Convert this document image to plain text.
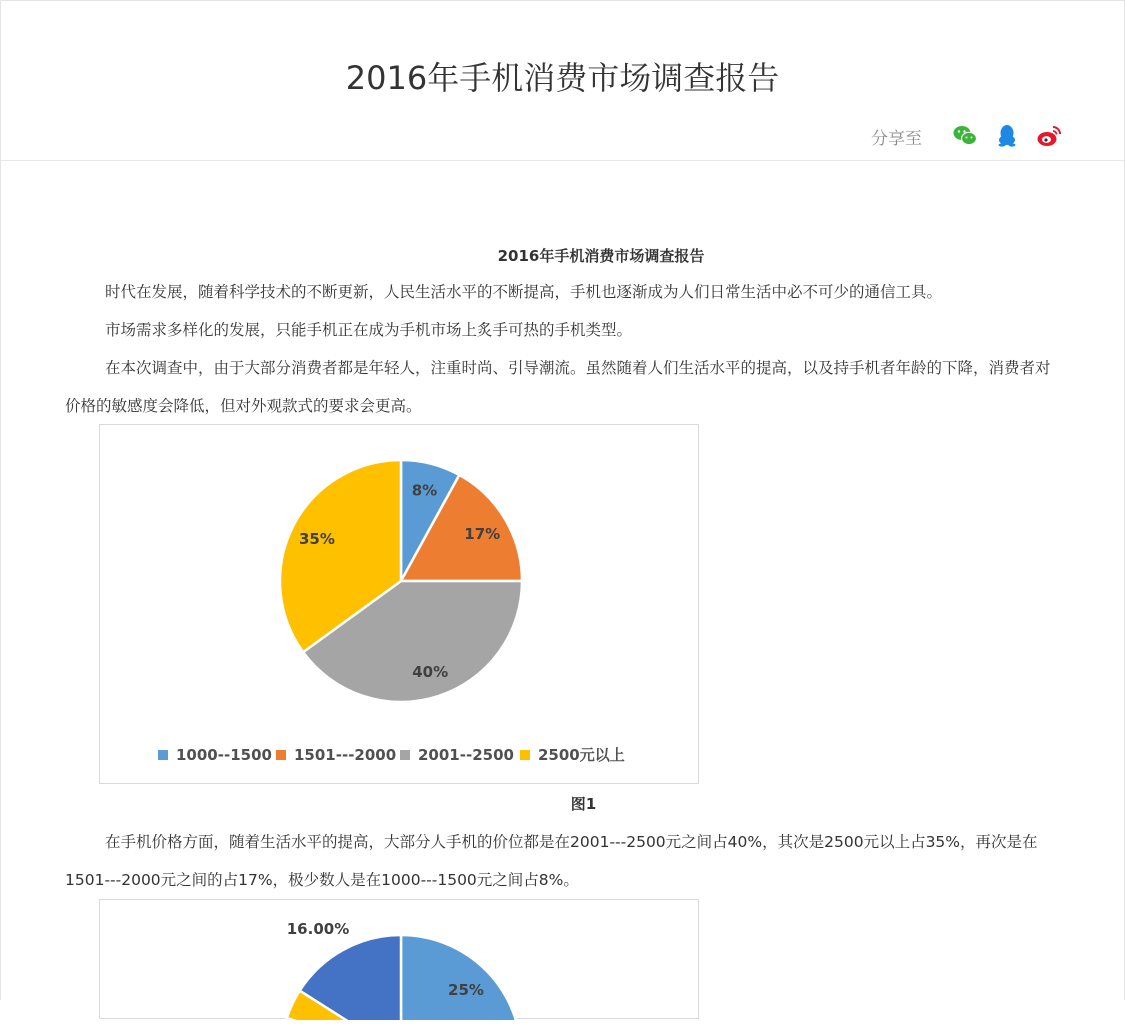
2016年手机消费市场调查报告
分享至
2016年手机消费市场调查报告
时代在发展，随着科学技术的不断更新，人民生活水平的不断提高，手机也逐渐成为人们日常生活中必不可少的通信工具。
市场需求多样化的发展，只能手机正在成为手机市场上炙手可热的手机类型。
在本次调查中，由于大部分消费者都是年轻人，注重时尚、引导潮流。虽然随着人们生活水平的提高，以及持手机者年龄的下降，消费者对价格的敏感度会降低，但对外观款式的要求会更高。
8%
17%
40%
35%
1000--1500 1501---2000 2001--2500 2500元以上
图1
在手机价格方面，随着生活水平的提高，大部分人手机的价位都是在2001---2500元之间占40%，其次是2500元以上占35%，再次是在1501---2000元之间的占17%，极少数人是在1000---1500元之间占8%。
16.00%
25%
